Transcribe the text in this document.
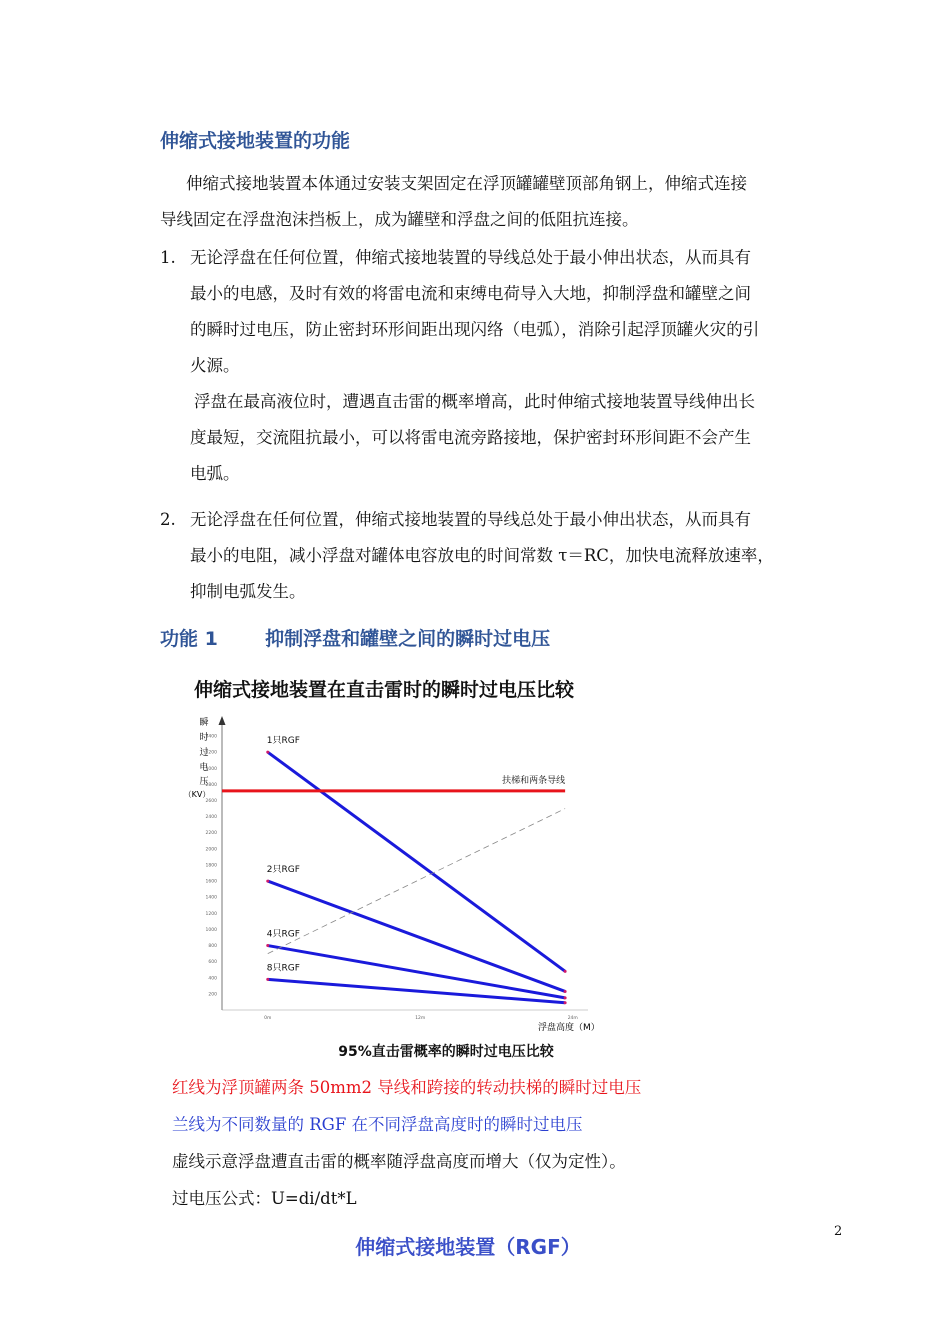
伸缩式接地装置的功能
伸缩式接地装置本体通过安装支架固定在浮顶罐罐壁顶部角钢上，伸缩式连接
导线固定在浮盘泡沫挡板上，成为罐壁和浮盘之间的低阻抗连接。
1. 无论浮盘在任何位置，伸缩式接地装置的导线总处于最小伸出状态，从而具有
最小的电感，及时有效的将雷电流和束缚电荷导入大地，抑制浮盘和罐壁之间
的瞬时过电压，防止密封环形间距出现闪络（电弧），消除引起浮顶罐火灾的引
火源。
浮盘在最高液位时，遭遇直击雷的概率增高，此时伸缩式接地装置导线伸出长
度最短，交流阻抗最小，可以将雷电流旁路接地，保护密封环形间距不会产生
电弧。
2. 无论浮盘在任何位置，伸缩式接地装置的导线总处于最小伸出状态，从而具有
最小的电阻，减小浮盘对罐体电容放电的时间常数 τ＝RC，加快电流释放速率，
抑制电弧发生。
功能 1 抑制浮盘和罐壁之间的瞬时过电压
伸缩式接地装置在直击雷时的瞬时过电压比较
瞬
时
过
电
压
（KV）
200
400
600
800
1000
1200
1400
1600
1800
2000
2200
2400
2600
2800
3000
3200
3400
0m	12m	24m
1只RGF
2只RGF
4只RGF
8只RGF
扶梯和两条导线
浮盘高度（M）
95%直击雷概率的瞬时过电压比较
红线为浮顶罐两条 50mm2 导线和跨接的转动扶梯的瞬时过电压
兰线为不同数量的 RGF 在不同浮盘高度时的瞬时过电压
虚线示意浮盘遭直击雷的概率随浮盘高度而增大（仅为定性）。
过电压公式：U=di/dt*L
2
伸缩式接地装置（RGF）
